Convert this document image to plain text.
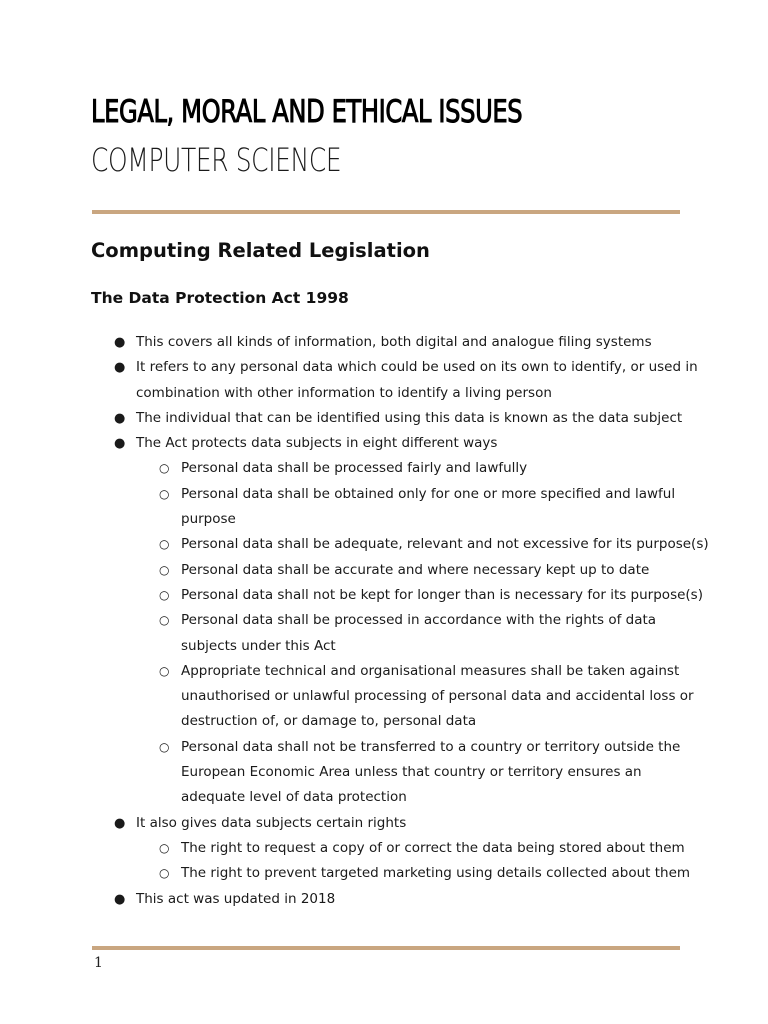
LEGAL, MORAL AND ETHICAL ISSUES
COMPUTER SCIENCE
Computing Related Legislation
The Data Protection Act 1998
● This covers all kinds of information, both digital and analogue filing systems
● It refers to any personal data which could be used on its own to identify, or used in
combination with other information to identify a living person
● The individual that can be identified using this data is known as the data subject
● The Act protects data subjects in eight different ways
○ Personal data shall be processed fairly and lawfully
○ Personal data shall be obtained only for one or more specified and lawful
purpose
○ Personal data shall be adequate, relevant and not excessive for its purpose(s)
○ Personal data shall be accurate and where necessary kept up to date
○ Personal data shall not be kept for longer than is necessary for its purpose(s)
○ Personal data shall be processed in accordance with the rights of data
subjects under this Act
○ Appropriate technical and organisational measures shall be taken against
unauthorised or unlawful processing of personal data and accidental loss or
destruction of, or damage to, personal data
○ Personal data shall not be transferred to a country or territory outside the
European Economic Area unless that country or territory ensures an
adequate level of data protection
● It also gives data subjects certain rights
○ The right to request a copy of or correct the data being stored about them
○ The right to prevent targeted marketing using details collected about them
● This act was updated in 2018
1
